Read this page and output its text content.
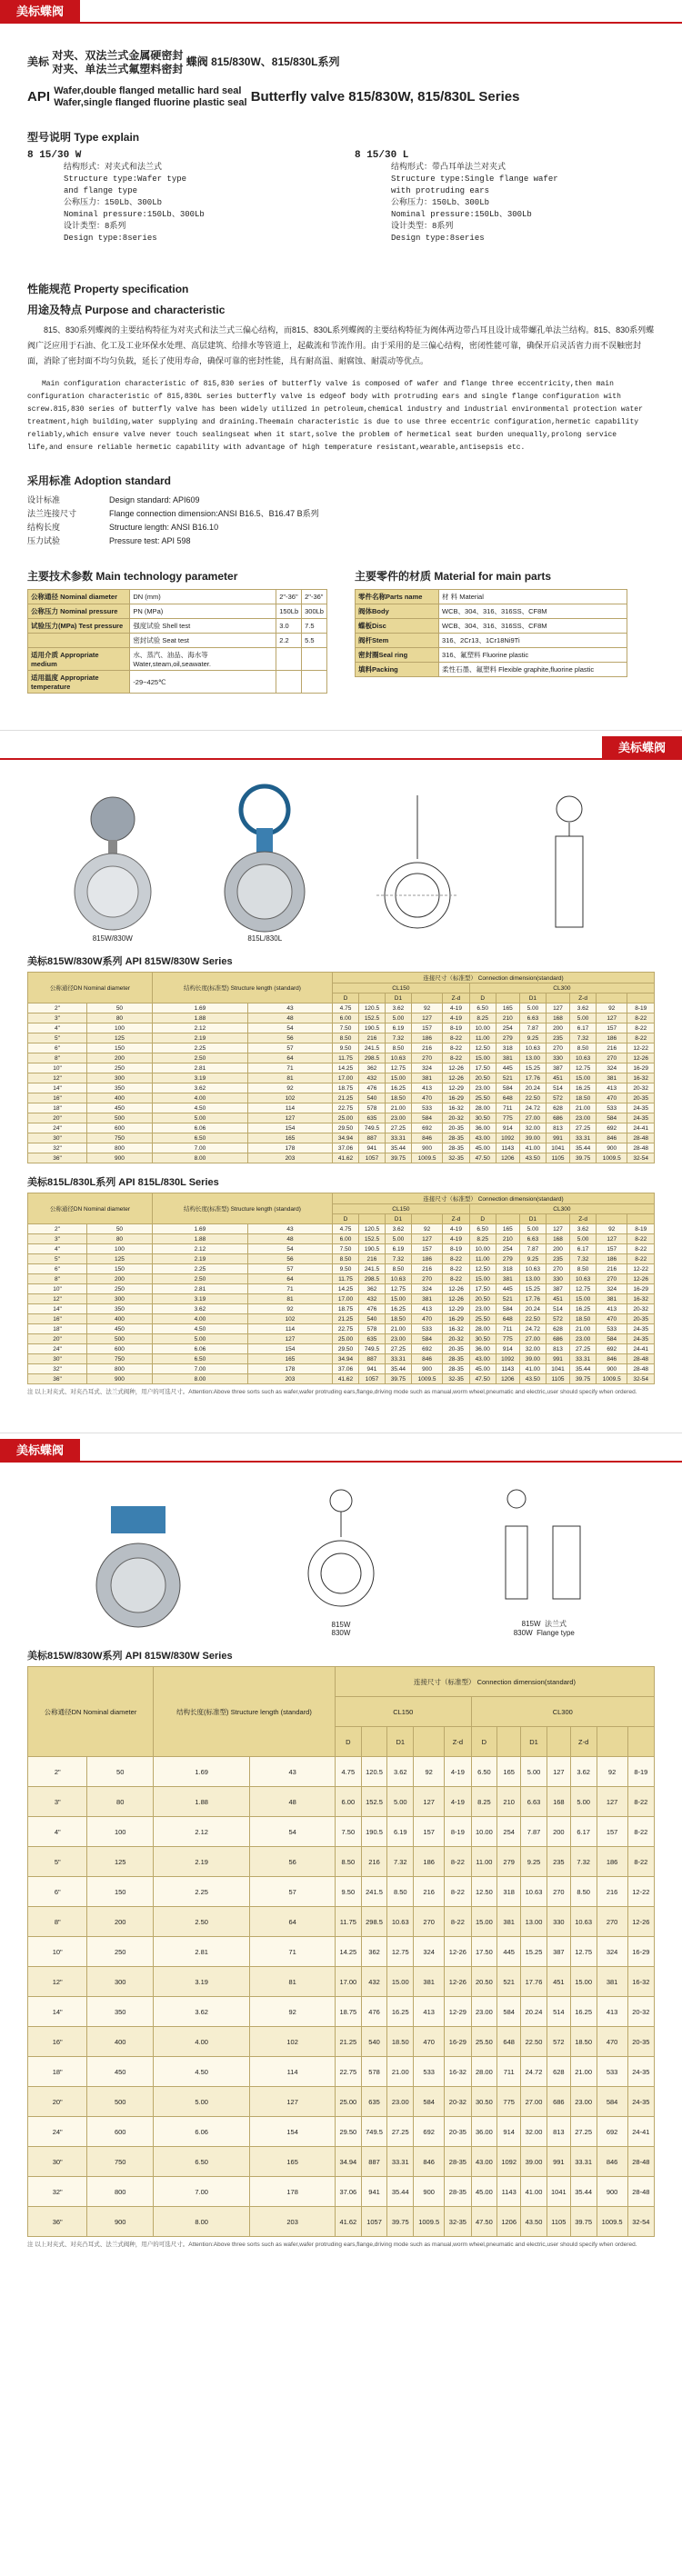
美标蝶阀
美标 对夹、双法兰式金属硬密封
对夹、单法兰式氟塑料密封 蝶阀 815/830W、815/830L系列
API Wafer,double flanged metallic hard seal
Wafer,single flanged fluorine plastic seal Butterfly valve 815/830W, 815/830L Series
型号说明 Type explain
8 15/30 W
结构形式：对夹式和法兰式
Structure type:Wafer type
and flange type
公称压力：150Lb、300Lb
Nominal pressure:150Lb、300Lb
设计类型：8系列
Design type:8series
8 15/30 L
结构形式：带凸耳单法兰对夹式
Structure type:Single flange wafer
with protruding ears
公称压力：150Lb、300Lb
Nominal pressure:150Lb、300Lb
设计类型：8系列
Design type:8series
性能规范 Property specification
用途及特点 Purpose and characteristic

815、830系列蝶阀的主要结构特征为对夹式和法兰式三偏心结构，而815、830L系列蝶阀的主要结构特征为阀体两边带凸耳且设计成带螺孔单法兰结构。815、830系列蝶阀广泛应用于石油、化工及工业环保水处理、高层建筑、给排水等管道上，起截流和节流作用。由于采用的是三偏心结构，密闭性能可靠，确保开启灵活省力而不误触密封面，消除了密封面不均匀负载，延长了使用寿命，确保可靠的密封性能，具有耐高温、耐腐蚀、耐震动等优点。

Main configuration characteristic of 815,830 series of butterfly valve is composed of wafer and flange three eccentricity,then main configuration characteristic of 815,830L series butterfly valve is edgeof body with protruding ears and single flange configuration with screw.815,830 series of butterfly valve has been widely utilized in petroleum,chemical industry and industrial environmental protection water treatment,high building,water supplying and draining.Theemain characteristic is due to use three eccentric configuration,hermetic capability reliably,which ensure valve never touch sealingseat when it start,solve the problem of hermetical seat burden unequally,prolong service life,and ensure reliable hermetic capability with advantage of high temperature resistant,wearable,antisepsis etc.

采用标准 Adoption standard
设计标准	Design standard: API609
法兰连接尺寸	Flange connection dimension:ANSI B16.5、B16.47 B系列
结构长度	Structure length: ANSI B16.10
压力试验	Pressure test: API 598
主要技术参数 Main technology parameter
公称通径 Nominal diameter	DN (mm)	2"-36"	2"-36"
公称压力 Nominal pressure	PN (MPa)	150Lb	300Lb
试验压力(MPa) Test pressure	强度试验 Shell test	3.0	7.5
	密封试验 Seat test	2.2	5.5
适用介质 Appropriate medium	水、蒸汽、油品、海水等 Water,steam,oil,seawater.		
适用温度 Appropriate temperature	-29~425℃		
主要零件的材质 Material for main parts
零件名称Parts name	材 料 Material
阀体Body	WCB、304、316、316SS、CF8M
蝶板Disc	WCB、304、316、316SS、CF8M
阀杆Stem	316、2Cr13、1Cr18Ni9Ti
密封圈Seal ring	316、氟塑料 Fluorine plastic
填料Packing	柔性石墨、氟塑料 Flexible graphite,fluorine plastic
美标蝶阀
815W/830W	815L/830L
美标815W/830W系列 API 815W/830W Series
公称通径DN Nominal diameter		结构长度(标准型) Structure length (standard)		连接尺寸（标准型） Connection dimension(standard)											
				CL150					CL300						
				D		D1		Z-d	D		D1		Z-d		
2"	50	1.69	43	4.75	120.5	3.62	92	4-19	6.50	165	5.00	127	3.62	92	8-19
3"	80	1.88	48	6.00	152.5	5.00	127	4-19	8.25	210	6.63	168	5.00	127	8-22
4"	100	2.12	54	7.50	190.5	6.19	157	8-19	10.00	254	7.87	200	6.17	157	8-22
5"	125	2.19	56	8.50	216	7.32	186	8-22	11.00	279	9.25	235	7.32	186	8-22
6"	150	2.25	57	9.50	241.5	8.50	216	8-22	12.50	318	10.63	270	8.50	216	12-22
8"	200	2.50	64	11.75	298.5	10.63	270	8-22	15.00	381	13.00	330	10.63	270	12-26
10"	250	2.81	71	14.25	362	12.75	324	12-26	17.50	445	15.25	387	12.75	324	16-29
12"	300	3.19	81	17.00	432	15.00	381	12-26	20.50	521	17.76	451	15.00	381	16-32
14"	350	3.62	92	18.75	476	16.25	413	12-29	23.00	584	20.24	514	16.25	413	20-32
16"	400	4.00	102	21.25	540	18.50	470	16-29	25.50	648	22.50	572	18.50	470	20-35
18"	450	4.50	114	22.75	578	21.00	533	16-32	28.00	711	24.72	628	21.00	533	24-35
20"	500	5.00	127	25.00	635	23.00	584	20-32	30.50	775	27.00	686	23.00	584	24-35
24"	600	6.06	154	29.50	749.5	27.25	692	20-35	36.00	914	32.00	813	27.25	692	24-41
30"	750	6.50	165	34.94	887	33.31	846	28-35	43.00	1092	39.00	991	33.31	846	28-48
32"	800	7.00	178	37.06	941	35.44	900	28-35	45.00	1143	41.00	1041	35.44	900	28-48
36"	900	8.00	203	41.62	1057	39.75	1009.5	32-35	47.50	1206	43.50	1105	39.75	1009.5	32-54
美标815L/830L系列 API 815L/830L Series
公称通径DN Nominal diameter		结构长度(标准型) Structure length (standard)		连接尺寸（标准型） Connection dimension(standard)											
				CL150					CL300						
				D		D1		Z-d	D		D1		Z-d		
2"	50	1.69	43	4.75	120.5	3.62	92	4-19	6.50	165	5.00	127	3.62	92	8-19
3"	80	1.88	48	6.00	152.5	5.00	127	4-19	8.25	210	6.63	168	5.00	127	8-22
4"	100	2.12	54	7.50	190.5	6.19	157	8-19	10.00	254	7.87	200	6.17	157	8-22
5"	125	2.19	56	8.50	216	7.32	186	8-22	11.00	279	9.25	235	7.32	186	8-22
6"	150	2.25	57	9.50	241.5	8.50	216	8-22	12.50	318	10.63	270	8.50	216	12-22
8"	200	2.50	64	11.75	298.5	10.63	270	8-22	15.00	381	13.00	330	10.63	270	12-26
10"	250	2.81	71	14.25	362	12.75	324	12-26	17.50	445	15.25	387	12.75	324	16-29
12"	300	3.19	81	17.00	432	15.00	381	12-26	20.50	521	17.76	451	15.00	381	16-32
14"	350	3.62	92	18.75	476	16.25	413	12-29	23.00	584	20.24	514	16.25	413	20-32
16"	400	4.00	102	21.25	540	18.50	470	16-29	25.50	648	22.50	572	18.50	470	20-35
18"	450	4.50	114	22.75	578	21.00	533	16-32	28.00	711	24.72	628	21.00	533	24-35
20"	500	5.00	127	25.00	635	23.00	584	20-32	30.50	775	27.00	686	23.00	584	24-35
24"	600	6.06	154	29.50	749.5	27.25	692	20-35	36.00	914	32.00	813	27.25	692	24-41
30"	750	6.50	165	34.94	887	33.31	846	28-35	43.00	1092	39.00	991	33.31	846	28-48
32"	800	7.00	178	37.06	941	35.44	900	28-35	45.00	1143	41.00	1041	35.44	900	28-48
36"	900	8.00	203	41.62	1057	39.75	1009.5	32-35	47.50	1206	43.50	1105	39.75	1009.5	32-54
注 以上对夹式、对夹凸耳式、法兰式阀种，用户的可选尺寸。Attention:Above three sorts such as wafer,wafer protruding ears,flange,driving mode such as manual,worm wheel,pneumatic and electric,user should specify when ordered.
美标蝶阀
815W
830W
815W 法兰式
830W Flange type
美标815W/830W系列 API 815W/830W Series
公称通径DN Nominal diameter		结构长度(标准型) Structure length (standard)		连接尺寸（标准型） Connection dimension(standard)											
				CL150					CL300						
				D		D1		Z-d	D		D1		Z-d		
2"	50	1.69	43	4.75	120.5	3.62	92	4-19	6.50	165	5.00	127	3.62	92	8-19
3"	80	1.88	48	6.00	152.5	5.00	127	4-19	8.25	210	6.63	168	5.00	127	8-22
4"	100	2.12	54	7.50	190.5	6.19	157	8-19	10.00	254	7.87	200	6.17	157	8-22
5"	125	2.19	56	8.50	216	7.32	186	8-22	11.00	279	9.25	235	7.32	186	8-22
6"	150	2.25	57	9.50	241.5	8.50	216	8-22	12.50	318	10.63	270	8.50	216	12-22
8"	200	2.50	64	11.75	298.5	10.63	270	8-22	15.00	381	13.00	330	10.63	270	12-26
10"	250	2.81	71	14.25	362	12.75	324	12-26	17.50	445	15.25	387	12.75	324	16-29
12"	300	3.19	81	17.00	432	15.00	381	12-26	20.50	521	17.76	451	15.00	381	16-32
14"	350	3.62	92	18.75	476	16.25	413	12-29	23.00	584	20.24	514	16.25	413	20-32
16"	400	4.00	102	21.25	540	18.50	470	16-29	25.50	648	22.50	572	18.50	470	20-35
18"	450	4.50	114	22.75	578	21.00	533	16-32	28.00	711	24.72	628	21.00	533	24-35
20"	500	5.00	127	25.00	635	23.00	584	20-32	30.50	775	27.00	686	23.00	584	24-35
24"	600	6.06	154	29.50	749.5	27.25	692	20-35	36.00	914	32.00	813	27.25	692	24-41
30"	750	6.50	165	34.94	887	33.31	846	28-35	43.00	1092	39.00	991	33.31	846	28-48
32"	800	7.00	178	37.06	941	35.44	900	28-35	45.00	1143	41.00	1041	35.44	900	28-48
36"	900	8.00	203	41.62	1057	39.75	1009.5	32-35	47.50	1206	43.50	1105	39.75	1009.5	32-54
注 以上对夹式、对夹凸耳式、法兰式阀种，用户的可选尺寸。Attention:Above three sorts such as wafer,wafer protruding ears,flange,driving mode such as manual,worm wheel,pneumatic and electric,user should specify when ordered.
